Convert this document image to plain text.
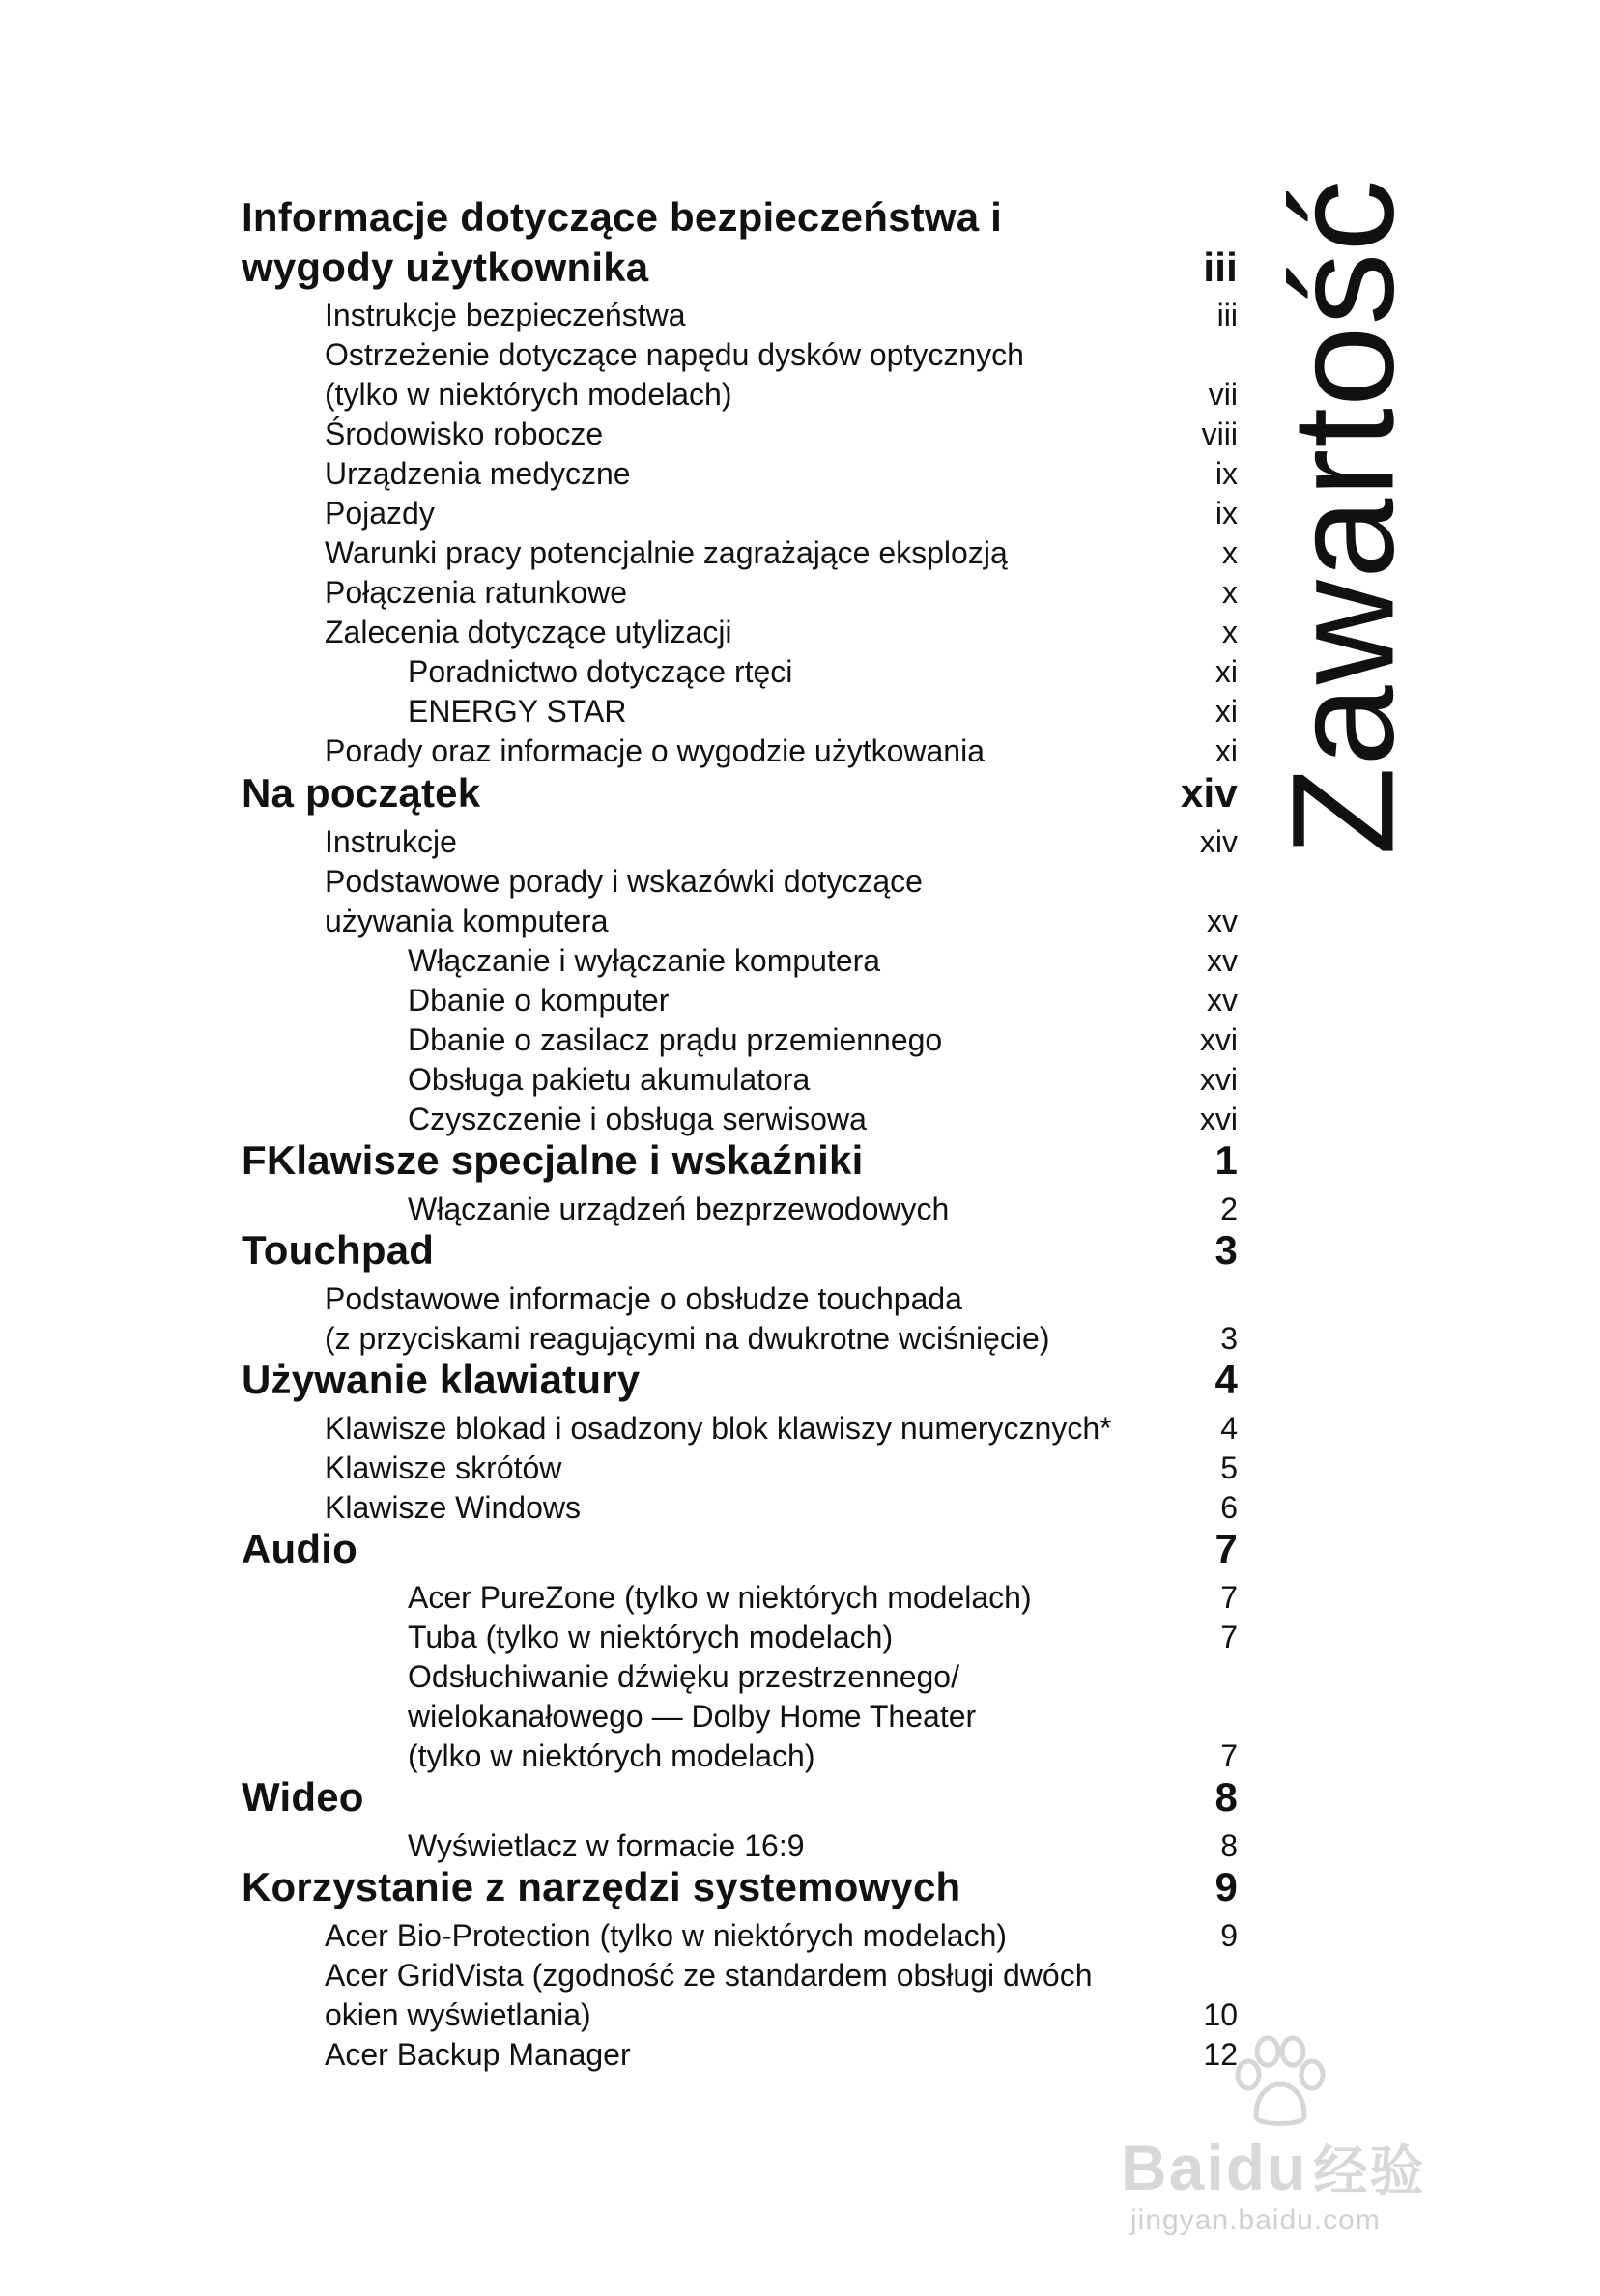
Informacje dotyczące bezpieczeństwa i
wygody użytkownika	iii
Instrukcje bezpieczeństwa	iii
Ostrzeżenie dotyczące napędu dysków optycznych
(tylko w niektórych modelach)	vii
Środowisko robocze	viii
Urządzenia medyczne	ix
Pojazdy	ix
Warunki pracy potencjalnie zagrażające eksplozją	x
Połączenia ratunkowe	x
Zalecenia dotyczące utylizacji	x
Poradnictwo dotyczące rtęci	xi
ENERGY STAR	xi
Porady oraz informacje o wygodzie użytkowania	xi
Na początek	xiv
Instrukcje	xiv
Podstawowe porady i wskazówki dotyczące
używania komputera	xv
Włączanie i wyłączanie komputera	xv
Dbanie o komputer	xv
Dbanie o zasilacz prądu przemiennego	xvi
Obsługa pakietu akumulatora	xvi
Czyszczenie i obsługa serwisowa	xvi
FKlawisze specjalne i wskaźniki	1
Włączanie urządzeń bezprzewodowych	2
Touchpad	3
Podstawowe informacje o obsłudze touchpada
(z przyciskami reagującymi na dwukrotne wciśnięcie)	3
Używanie klawiatury	4
Klawisze blokad i osadzony blok klawiszy numerycznych*	4
Klawisze skrótów	5
Klawisze Windows	6
Audio	7
Acer PureZone (tylko w niektórych modelach)	7
Tuba (tylko w niektórych modelach)	7
Odsłuchiwanie dźwięku przestrzennego/
wielokanałowego — Dolby Home Theater
(tylko w niektórych modelach)	7
Wideo	8
Wyświetlacz w formacie 16:9	8
Korzystanie z narzędzi systemowych	9
Acer Bio-Protection (tylko w niektórych modelach)	9
Acer GridVista (zgodność ze standardem obsługi dwóch
okien wyświetlania)	10
Acer Backup Manager	12
Zawartość
Baidu 经验
jingyan.baidu.com
